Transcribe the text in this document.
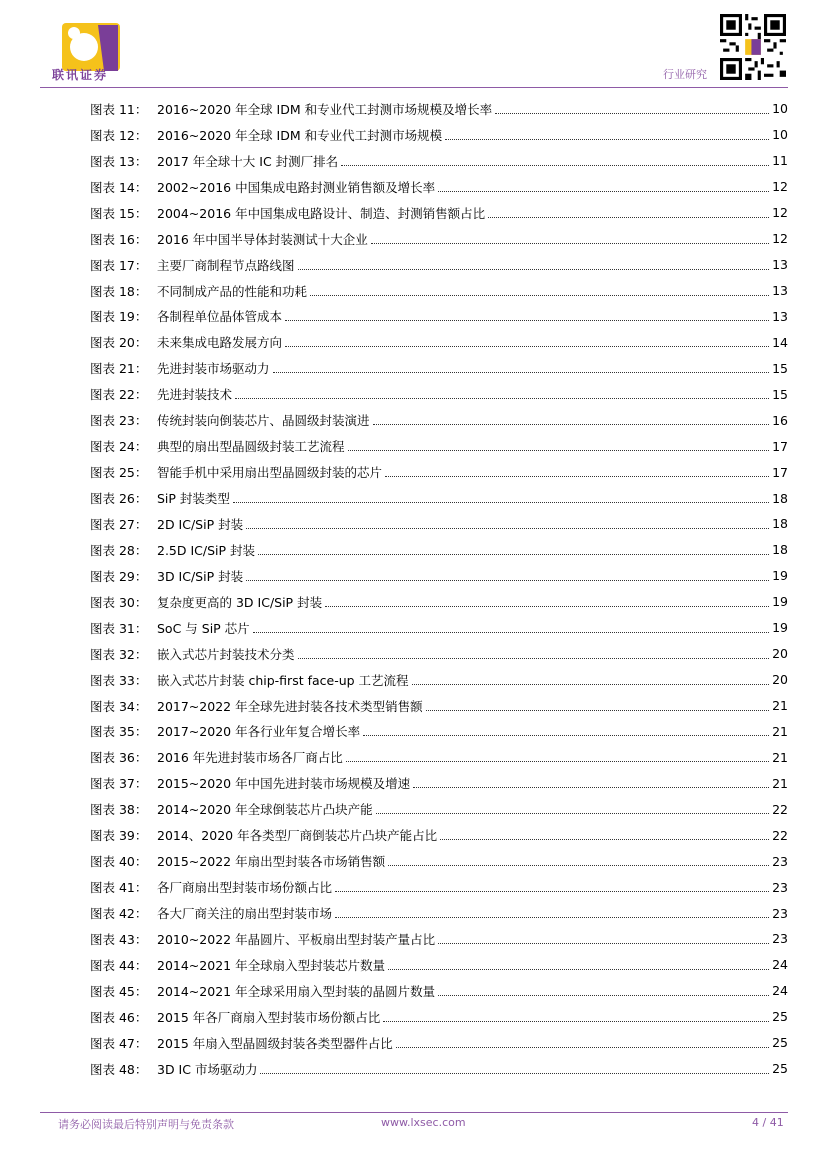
联讯证券	行业研究
图表 11： 2016~2020 年全球 IDM 和专业代工封测市场规模及增长率	10
图表 12： 2016~2020 年全球 IDM 和专业代工封测市场规模	10
图表 13： 2017 年全球十大 IC 封测厂排名	11
图表 14： 2002~2016 中国集成电路封测业销售额及增长率	12
图表 15： 2004~2016 年中国集成电路设计、制造、封测销售额占比	12
图表 16： 2016 年中国半导体封装测试十大企业	12
图表 17： 主要厂商制程节点路线图	13
图表 18： 不同制成产品的性能和功耗	13
图表 19： 各制程单位晶体管成本	13
图表 20： 未来集成电路发展方向	14
图表 21： 先进封装市场驱动力	15
图表 22： 先进封装技术	15
图表 23： 传统封装向倒装芯片、晶圆级封装演进	16
图表 24： 典型的扇出型晶圆级封装工艺流程	17
图表 25： 智能手机中采用扇出型晶圆级封装的芯片	17
图表 26： SiP 封装类型	18
图表 27： 2D IC/SiP 封装	18
图表 28： 2.5D IC/SiP 封装	18
图表 29： 3D IC/SiP 封装	19
图表 30： 复杂度更高的 3D IC/SiP 封装	19
图表 31： SoC 与 SiP 芯片	19
图表 32： 嵌入式芯片封装技术分类	20
图表 33： 嵌入式芯片封装 chip-first face-up 工艺流程	20
图表 34： 2017~2022 年全球先进封装各技术类型销售额	21
图表 35： 2017~2020 年各行业年复合增长率	21
图表 36： 2016 年先进封装市场各厂商占比	21
图表 37： 2015~2020 年中国先进封装市场规模及增速	21
图表 38： 2014~2020 年全球倒装芯片凸块产能	22
图表 39： 2014、2020 年各类型厂商倒装芯片凸块产能占比	22
图表 40： 2015~2022 年扇出型封装各市场销售额	23
图表 41： 各厂商扇出型封装市场份额占比	23
图表 42： 各大厂商关注的扇出型封装市场	23
图表 43： 2010~2022 年晶圆片、平板扇出型封装产量占比	23
图表 44： 2014~2021 年全球扇入型封装芯片数量	24
图表 45： 2014~2021 年全球采用扇入型封装的晶圆片数量	24
图表 46： 2015 年各厂商扇入型封装市场份额占比	25
图表 47： 2015 年扇入型晶圆级封装各类型器件占比	25
图表 48： 3D IC 市场驱动力	25
请务必阅读最后特别声明与免责条款	www.lxsec.com	4 / 41
